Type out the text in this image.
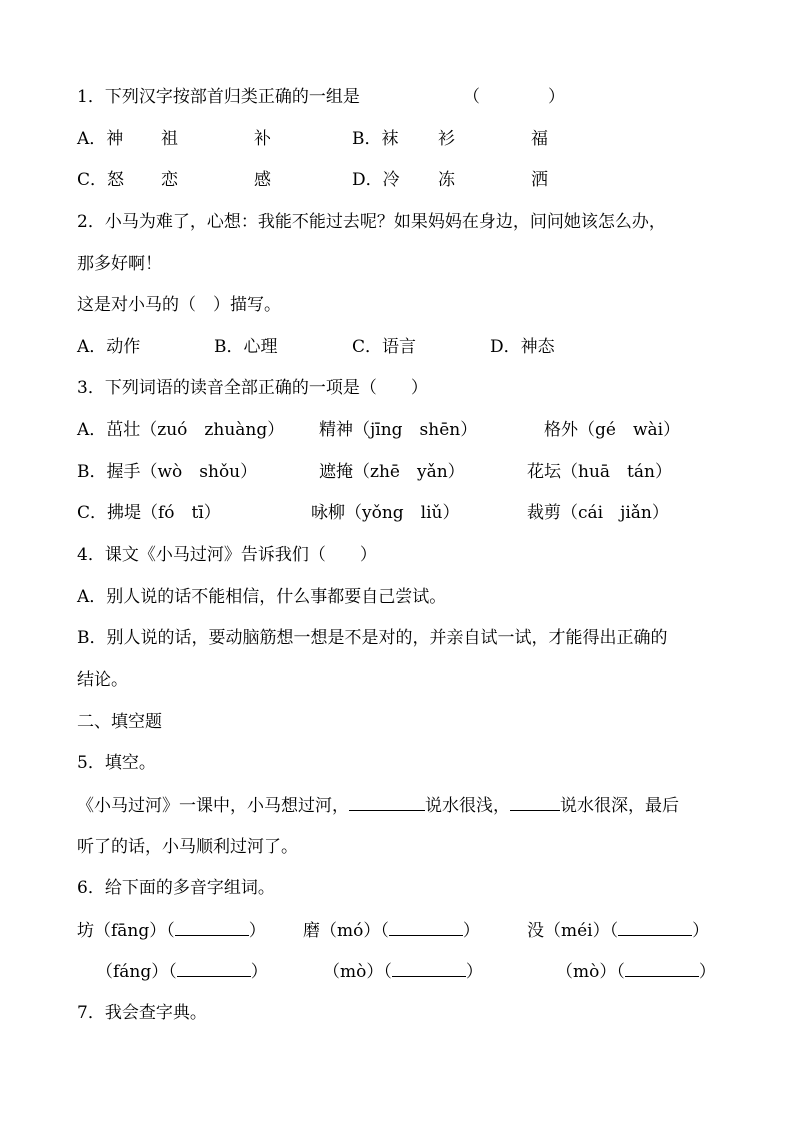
1．下列汉字按部首归类正确的一组是	（	）
A．神 祖	补	B．袜 衫	福
C．怒 恋	感	D．冷 冻	洒
2．小马为难了，心想：我能不能过去呢？如果妈妈在身边，问问她该怎么办，
那多好啊！
这是对小马的（　）描写。
A．动作	B．心理	C．语言	D．神态
3．下列词语的读音全部正确的一项是（　　）
A．茁壮（zuó　zhuàng） 精神（jīng　shēn）	格外（gé　wài）
B．握手（wò　shǒu）	遮掩（zhē　yǎn）	花坛（huā　tán）
C．拂堤（fó　tī）	咏柳（yǒng　liǔ）	裁剪（cái　jiǎn）
4．课文《小马过河》告诉我们（　　）
A．别人说的话不能相信，什么事都要自己尝试。
B．别人说的话，要动脑筋想一想是不是对的，并亲自试一试，才能得出正确的
结论。
二、填空题
5．填空。
《小马过河》一课中，小马想过河，	说水很浅，	说水很深，最后
听了的话，小马顺利过河了。
6．给下面的多音字组词。
坊（fāng）（	） 磨（mó）（	）	没（méi）（	）
（fáng）（	）	（mò）（	）	（mò）（	）
7．我会查字典。
